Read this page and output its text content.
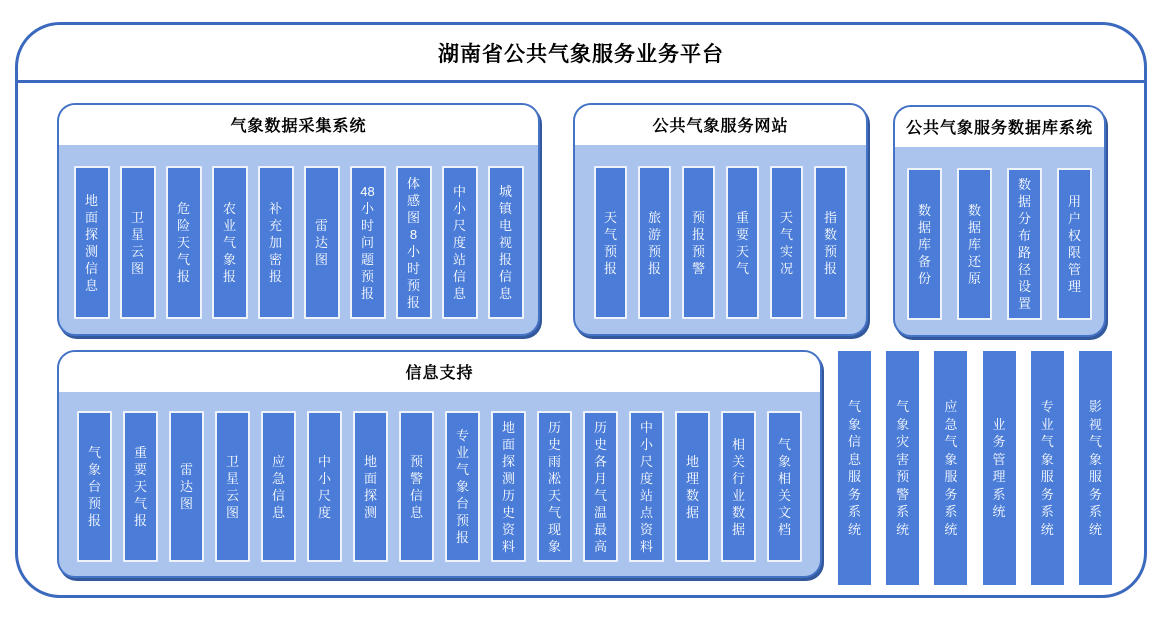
湖南省公共气象服务业务平台
气象数据采集系统
地
面
探
测
信
息
卫
星
云
图
危
险
天
气
报
农
业
气
象
报
补
充
加
密
报
雷
达
图
48
小
时
问
题
预
报
体
感
图
8
小
时
预
报
中
小
尺
度
站
信
息
城
镇
电
视
报
信
息
公共气象服务网站
天
气
预
报
旅
游
预
报
预
报
预
警
重
要
天
气
天
气
实
况
指
数
预
报
公共气象服务数据库系统
数
据
库
备
份
数
据
库
还
原
数
据
分
布
路
径
设
置
用
户
权
限
管
理
信息支持
气
象
台
预
报
重
要
天
气
报
雷
达
图
卫
星
云
图
应
急
信
息
中
小
尺
度
地
面
探
测
预
警
信
息
专
业
气
象
台
预
报
地
面
探
测
历
史
资
料
历
史
雨
凇
天
气
现
象
历
史
各
月
气
温
最
高
中
小
尺
度
站
点
资
料
地
理
数
据
相
关
行
业
数
据
气
象
相
关
文
档
气
象
信
息
服
务
系
统
气
象
灾
害
预
警
系
统
应
急
气
象
服
务
系
统
业
务
管
理
系
统
专
业
气
象
服
务
系
统
影
视
气
象
服
务
系
统
